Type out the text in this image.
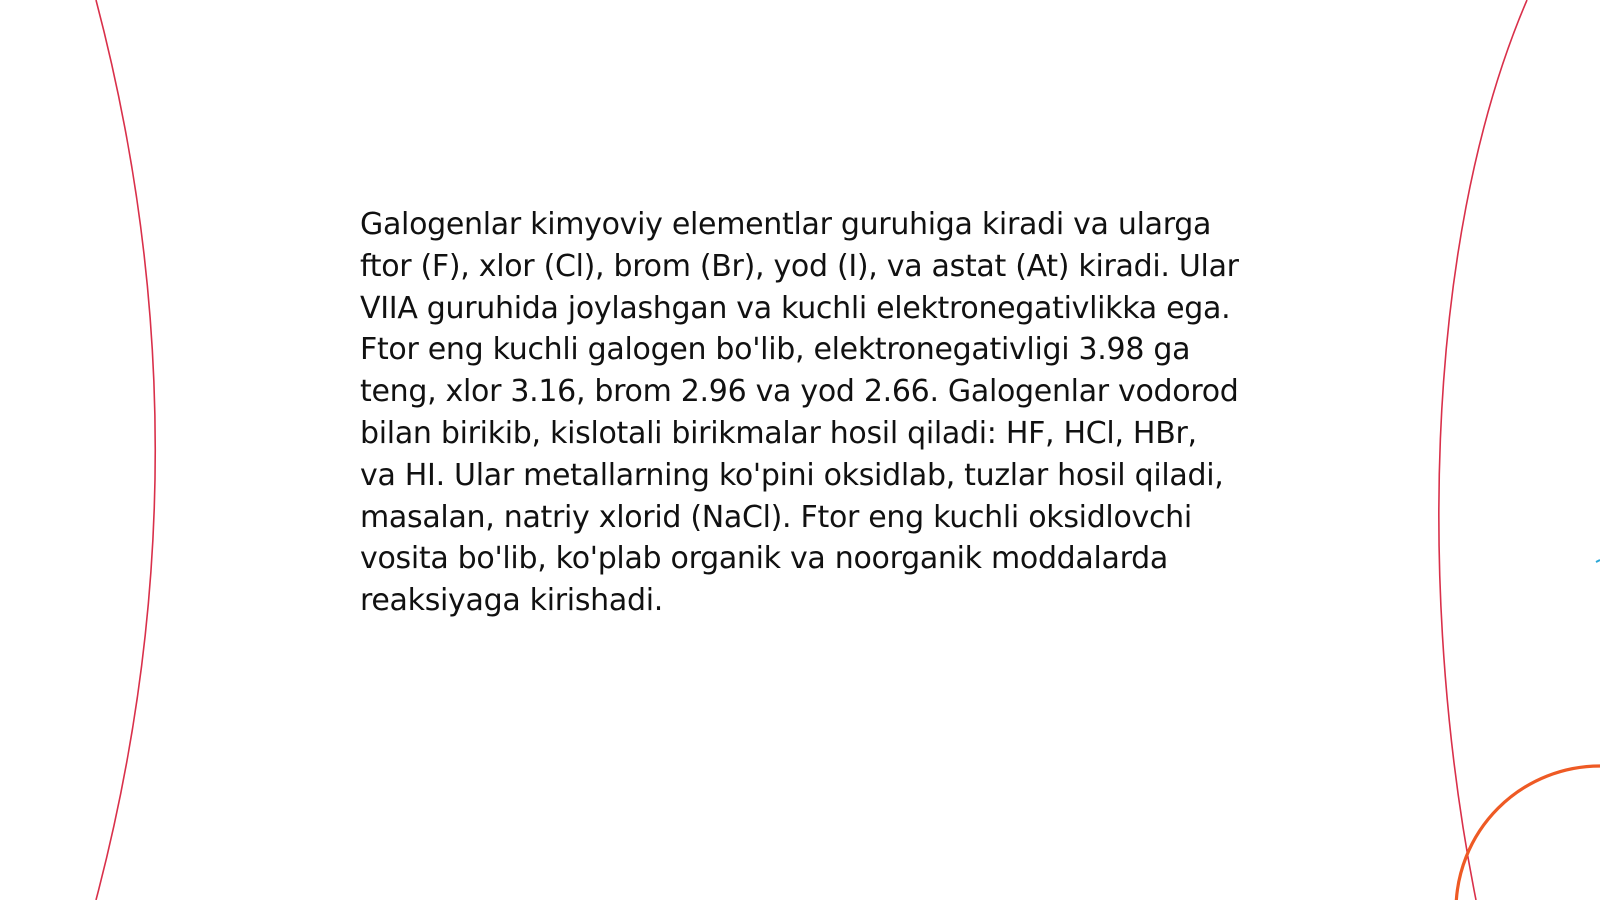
Galogenlar kimyoviy elementlar guruhiga kiradi va ularga ftor (F), xlor (Cl), brom (Br), yod (I), va astat (At) kiradi. Ular VIIA guruhida joylashgan va kuchli elektronegativlikka ega. Ftor eng kuchli galogen bo'lib, elektronegativligi 3.98 ga teng, xlor 3.16, brom 2.96 va yod 2.66. Galogenlar vodorod bilan birikib, kislotali birikmalar hosil qiladi: HF, HCl, HBr, va HI. Ular metallarning ko'pini oksidlab, tuzlar hosil qiladi, masalan, natriy xlorid (NaCl). Ftor eng kuchli oksidlovchi vosita bo'lib, ko'plab organik va noorganik moddalarda reaksiyaga kirishadi.
